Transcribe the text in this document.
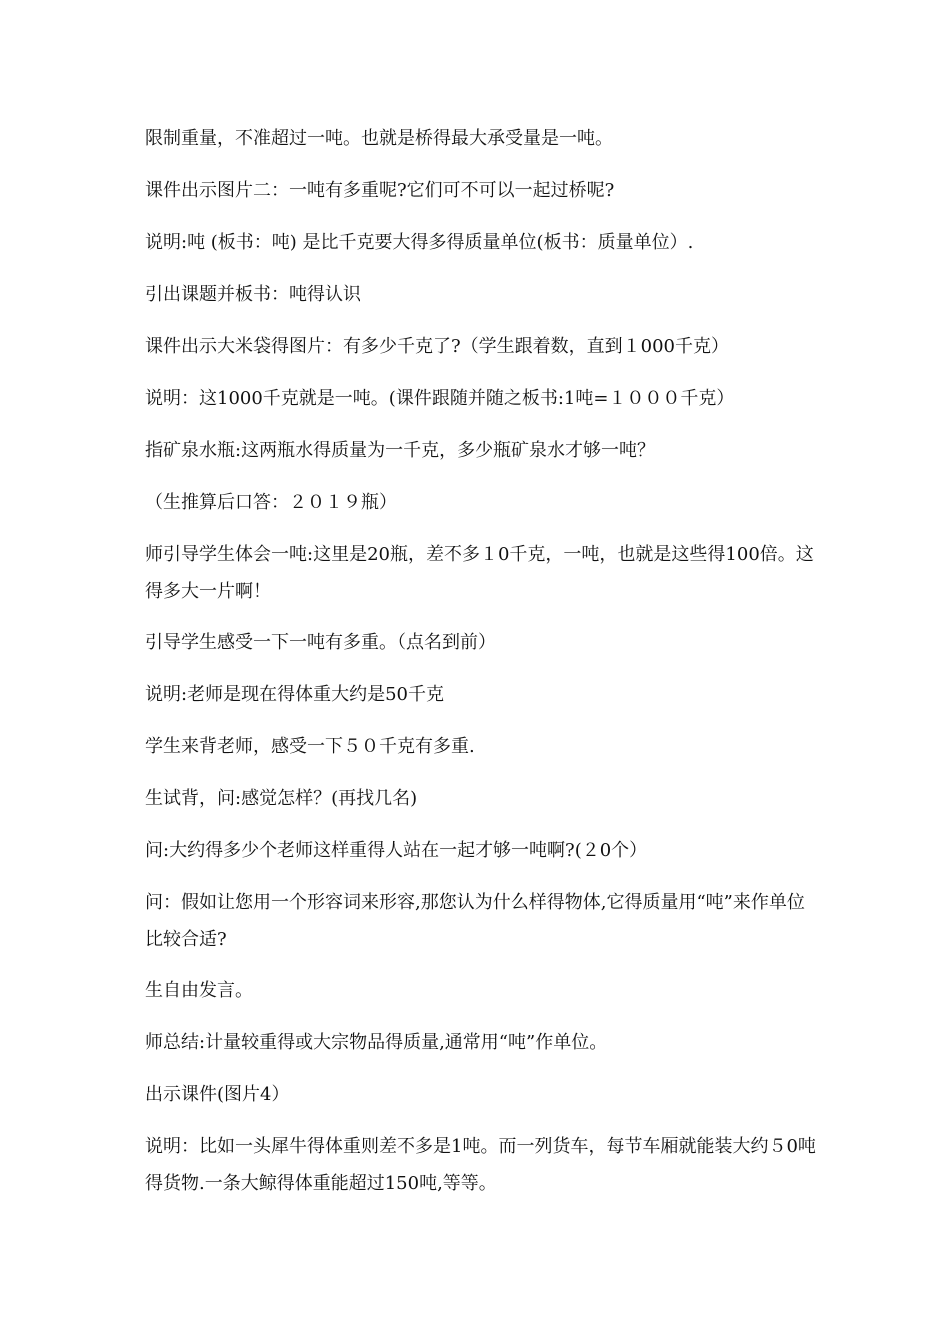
限制重量，不准超过一吨。也就是桥得最大承受量是一吨。

课件出示图片二：一吨有多重呢?它们可不可以一起过桥呢?

说明:吨 (板书：吨) 是比千克要大得多得质量单位(板书：质量单位）.

引出课题并板书：吨得认识

课件出示大米袋得图片：有多少千克了?（学生跟着数，直到１000千克）

说明：这1000千克就是一吨。(课件跟随并随之板书:1吨=１０００千克）

指矿泉水瓶:这两瓶水得质量为一千克，多少瓶矿泉水才够一吨？

（生推算后口答：２０１９瓶）

师引导学生体会一吨:这里是20瓶，差不多１0千克，一吨，也就是这些得100倍。这得多大一片啊！

引导学生感受一下一吨有多重。（点名到前）

说明:老师是现在得体重大约是50千克

学生来背老师，感受一下５０千克有多重.

生试背，问:感觉怎样？(再找几名)

问:大约得多少个老师这样重得人站在一起才够一吨啊?(２0个）

问：假如让您用一个形容词来形容,那您认为什么样得物体,它得质量用“吨”来作单位比较合适?

生自由发言。

师总结:计量较重得或大宗物品得质量,通常用“吨”作单位。

出示课件(图片4）

说明：比如一头犀牛得体重则差不多是1吨。而一列货车，每节车厢就能装大约５0吨得货物.一条大鲸得体重能超过150吨,等等。
